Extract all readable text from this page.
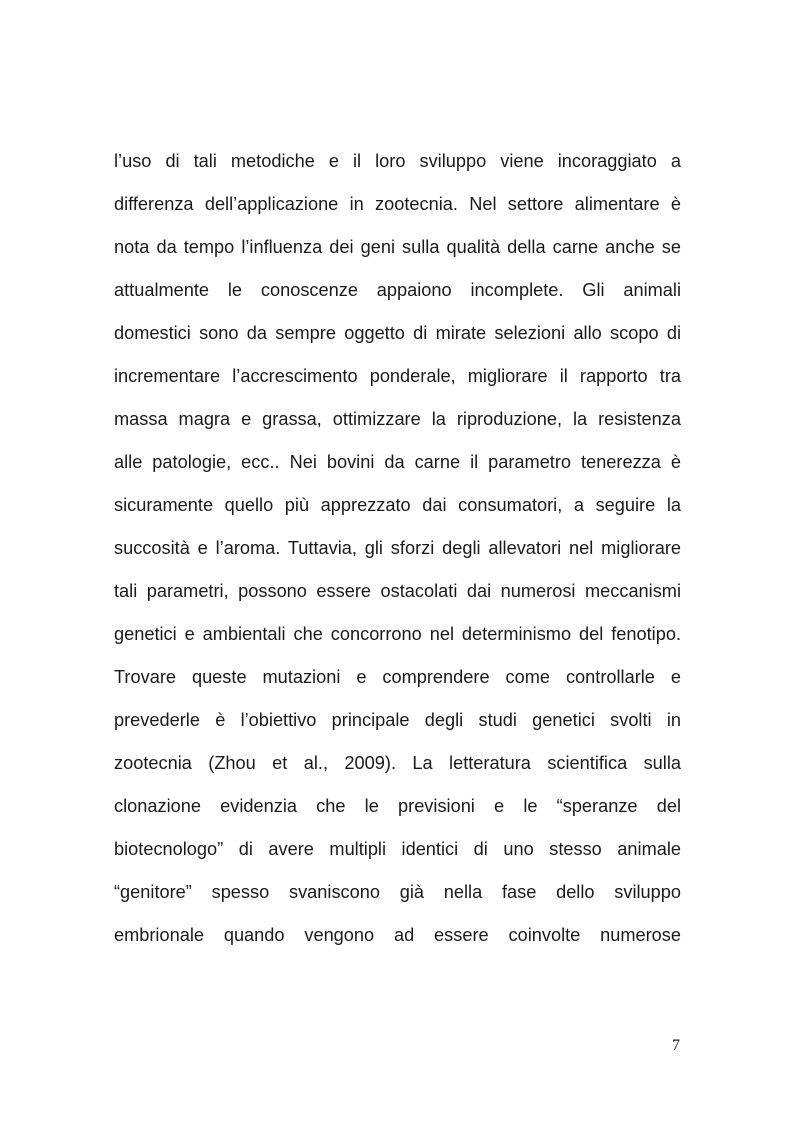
l’uso di tali metodiche e il loro sviluppo viene incoraggiato a
differenza dell’applicazione in zootecnia. Nel settore alimentare è
nota da tempo l’influenza dei geni sulla qualità della carne anche se
attualmente le conoscenze appaiono incomplete. Gli animali
domestici sono da sempre oggetto di mirate selezioni allo scopo di
incrementare l’accrescimento ponderale, migliorare il rapporto tra
massa magra e grassa, ottimizzare la riproduzione, la resistenza
alle patologie, ecc.. Nei bovini da carne il parametro tenerezza è
sicuramente quello più apprezzato dai consumatori, a seguire la
succosità e l’aroma. Tuttavia, gli sforzi degli allevatori nel migliorare
tali parametri, possono essere ostacolati dai numerosi meccanismi
genetici e ambientali che concorrono nel determinismo del fenotipo.
Trovare queste mutazioni e comprendere come controllarle e
prevederle è l’obiettivo principale degli studi genetici svolti in
zootecnia (Zhou et al., 2009). La letteratura scientifica sulla
clonazione evidenzia che le previsioni e le “speranze del
biotecnologo” di avere multipli identici di uno stesso animale
“genitore” spesso svaniscono già nella fase dello sviluppo
embrionale quando vengono ad essere coinvolte numerose
7
